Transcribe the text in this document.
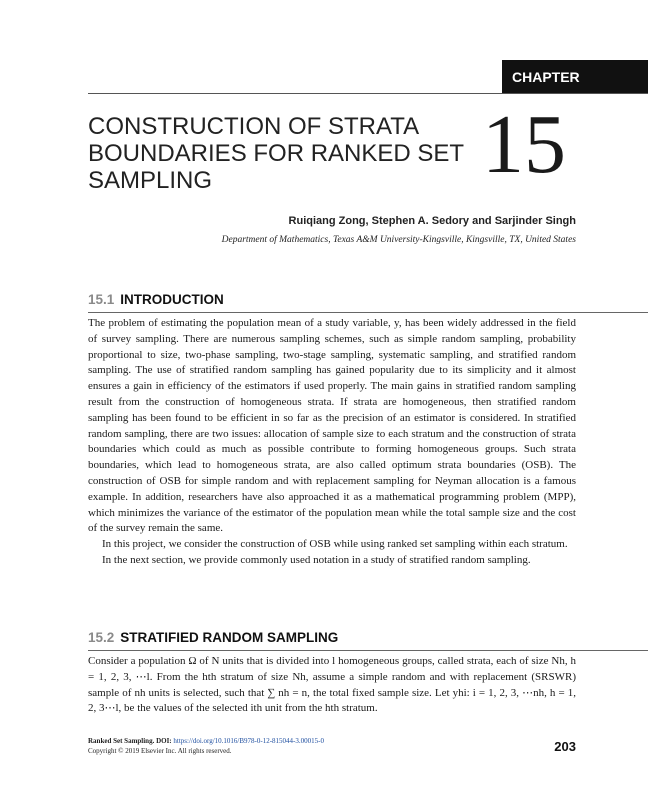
CHAPTER
CONSTRUCTION OF STRATA BOUNDARIES FOR RANKED SET SAMPLING	15
Ruiqiang Zong, Stephen A. Sedory and Sarjinder Singh
Department of Mathematics, Texas A&M University-Kingsville, Kingsville, TX, United States
15.1 INTRODUCTION

The problem of estimating the population mean of a study variable, y, has been widely addressed in the field of survey sampling. There are numerous sampling schemes, such as simple random sampling, probability proportional to size, two-phase sampling, two-stage sampling, systematic sampling, and stratified random sampling. The use of stratified random sampling has gained popularity due to its simplicity and it almost ensures a gain in efficiency of the estimators if used properly. The main gains in stratified random sampling result from the construction of homogeneous strata. If strata are homogeneous, then stratified random sampling has been found to be efficient in so far as the precision of an estimator is considered. In stratified random sampling, there are two issues: allocation of sample size to each stratum and the construction of strata boundaries which could as much as possible contribute to forming homogeneous groups. Such strata boundaries, which lead to homogeneous strata, are also called optimum strata boundaries (OSB). The construction of OSB for simple random and with replacement sampling for Neyman allocation is a famous example. In addition, researchers have also approached it as a mathematical programming problem (MPP), which minimizes the variance of the estimator of the population mean while the total sample size and the cost of the survey remain the same.

In this project, we consider the construction of OSB while using ranked set sampling within each stratum.

In the next section, we provide commonly used notation in a study of stratified random sampling.

15.2 STRATIFIED RANDOM SAMPLING

Consider a population Ω of N units that is divided into l homogeneous groups, called strata, each of size Nh, h = 1, 2, 3, ⋯l. From the hth stratum of size Nh, assume a simple random and with replacement (SRSWR) sample of nh units is selected, such that ∑ nh = n, the total fixed sample size. Let yhi: i = 1, 2, 3, ⋯nh, h = 1, 2, 3⋯l, be the values of the selected ith unit from the hth stratum.

Ranked Set Sampling. DOI: https://doi.org/10.1016/B978-0-12-815044-3.00015-0
Copyright © 2019 Elsevier Inc. All rights reserved.	203
